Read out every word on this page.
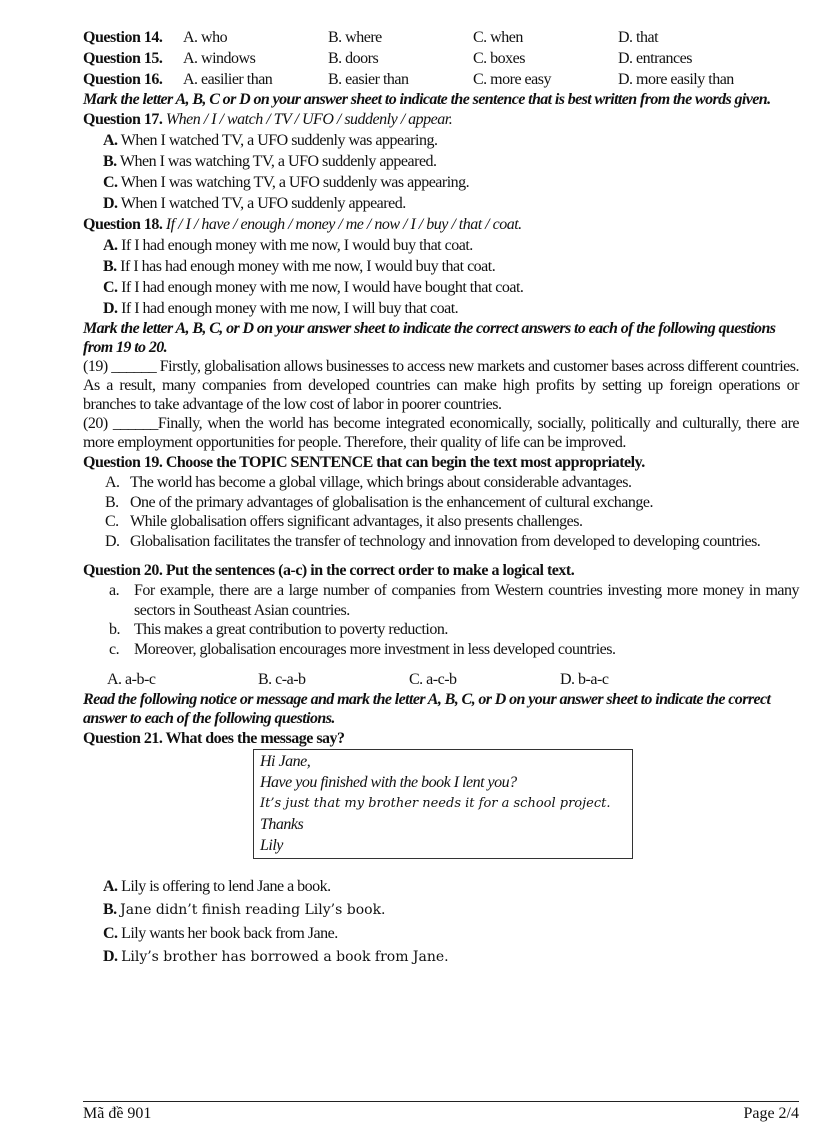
Question 14.	A. who	B. where	C. when	D. that
Question 15.	A. windows	B. doors	C. boxes	D. entrances
Question 16.	A. easilier than	B. easier than	C. more easy	D. more easily than
Mark the letter A, B, C or D on your answer sheet to indicate the sentence that is best written from the words given.
Question 17. When / I / watch / TV / UFO / suddenly / appear.
A. When I watched TV, a UFO suddenly was appearing.
B. When I was watching TV, a UFO suddenly appeared.
C. When I was watching TV, a UFO suddenly was appearing.
D. When I watched TV, a UFO suddenly appeared.
Question 18. If / I / have / enough / money / me / now / I / buy / that / coat.
A. If I had enough money with me now, I would buy that coat.
B. If I has had enough money with me now, I would buy that coat.
C. If I had enough money with me now, I would have bought that coat.
D. If I had enough money with me now, I will buy that coat.
Mark the letter A, B, C, or D on your answer sheet to indicate the correct answers to each of the following questions from 19 to 20.
(19) ______ Firstly, globalisation allows businesses to access new markets and customer bases across different countries. As a result, many companies from developed countries can make high profits by setting up foreign operations or branches to take advantage of the low cost of labor in poorer countries.
(20) ______Finally, when the world has become integrated economically, socially, politically and culturally, there are more employment opportunities for people. Therefore, their quality of life can be improved.
Question 19. Choose the TOPIC SENTENCE that can begin the text most appropriately.
A. The world has become a global village, which brings about considerable advantages.
B. One of the primary advantages of globalisation is the enhancement of cultural exchange.
C. While globalisation offers significant advantages, it also presents challenges.
D. Globalisation facilitates the transfer of technology and innovation from developed to developing countries.
Question 20. Put the sentences (a-c) in the correct order to make a logical text.
a. For example, there are a large number of companies from Western countries investing more money in many sectors in Southeast Asian countries.
b. This makes a great contribution to poverty reduction.
c. Moreover, globalisation encourages more investment in less developed countries.
A. a-b-c	B. c-a-b	C. a-c-b	D. b-a-c
Read the following notice or message and mark the letter A, B, C, or D on your answer sheet to indicate the correct answer to each of the following questions.
Question 21. What does the message say?
Hi Jane,
Have you finished with the book I lent you?
It’s just that my brother needs it for a school project.
Thanks
Lily
A. Lily is offering to lend Jane a book.
B. Jane didn’t finish reading Lily’s book.
C. Lily wants her book back from Jane.
D. Lily’s brother has borrowed a book from Jane.
Mã đề 901	Page 2/4
